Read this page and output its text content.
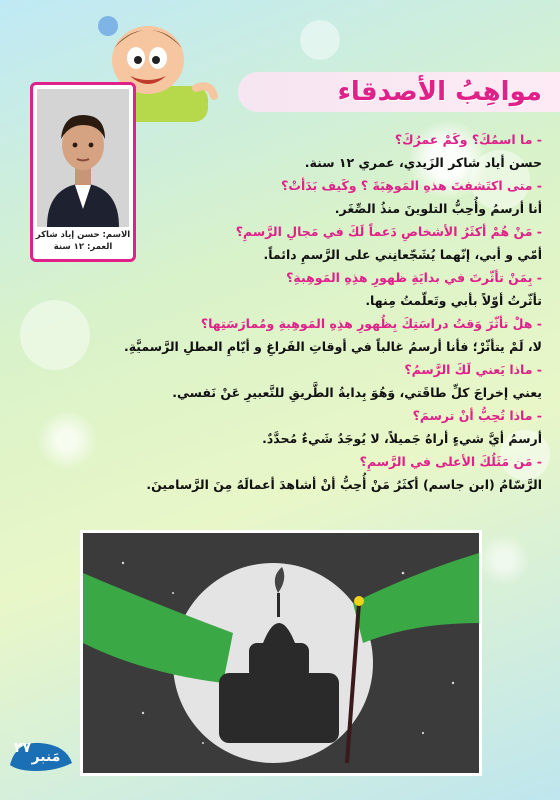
مواهِبُ الأصدقاء
الاسم: حسن إياد شاكر
العمر: ١٢ سنة
- ما اسمُكَ؟ وكَمْ عمرُكَ؟
حسن أياد شاكر الزَيدي، عمري ١٢ سنة.
- متى اكتَشفتَ هذهِ المَوهِبَةَ ؟ وكَيف بَدَأتْ؟
أنا أرسمُ وأُحِبُّ التلوينَ منذُ الصِّغَر.
- مَنْ هُمْ أكثَرُ الأشخاصِ دَعماً لَكَ في مَجالِ الرَّسمِ؟
أمّي و أبي، إنّهما يُشَجّعانِني على الرَّسمِ دائماً.
- بِمَنْ تأثّرتَ في بدايَةِ ظهورِ هذِهِ المَوهِبةِ؟
تأثّرتُ أوّلاً بأبي وتَعلّمتُ مِنها.
- هلْ تأثّرَ وَقتُ دراسَتِكَ بِظُهورِ هذِهِ المَوهِبةِ ومُمارَسَتِها؟
لا، لَمْ يتأثّرْ؛ فأنا أرسمُ غالباً في أوقاتِ الفَراغِ و أيّامِ العطلِ الرَّسميَّةِ.
- ماذا يَعني لَكَ الرَّسمُ؟
يعني إخراجَ كلِّ طاقَتي، وَهُوَ بِدايةُ الطَّريقِ للتَّعبيرِ عَنْ نَفسي.
- ماذا تُحِبُّ أنْ ترسمَ؟
أرسمُ أيَّ شيءٍ أراهُ جَميلاً، لا يُوجَدُ شَيءٌ مُحدَّدٌ.
- مَن مَثَلُكَ الأعلى في الرَّسمِ؟
الرَّسّامُ (ابن جاسم) أكثَرُ مَنْ أُحِبُّ أنْ أشاهدَ أعمالَهُ مِنَ الرَّسامينَ.
مَنبر
٢٧
